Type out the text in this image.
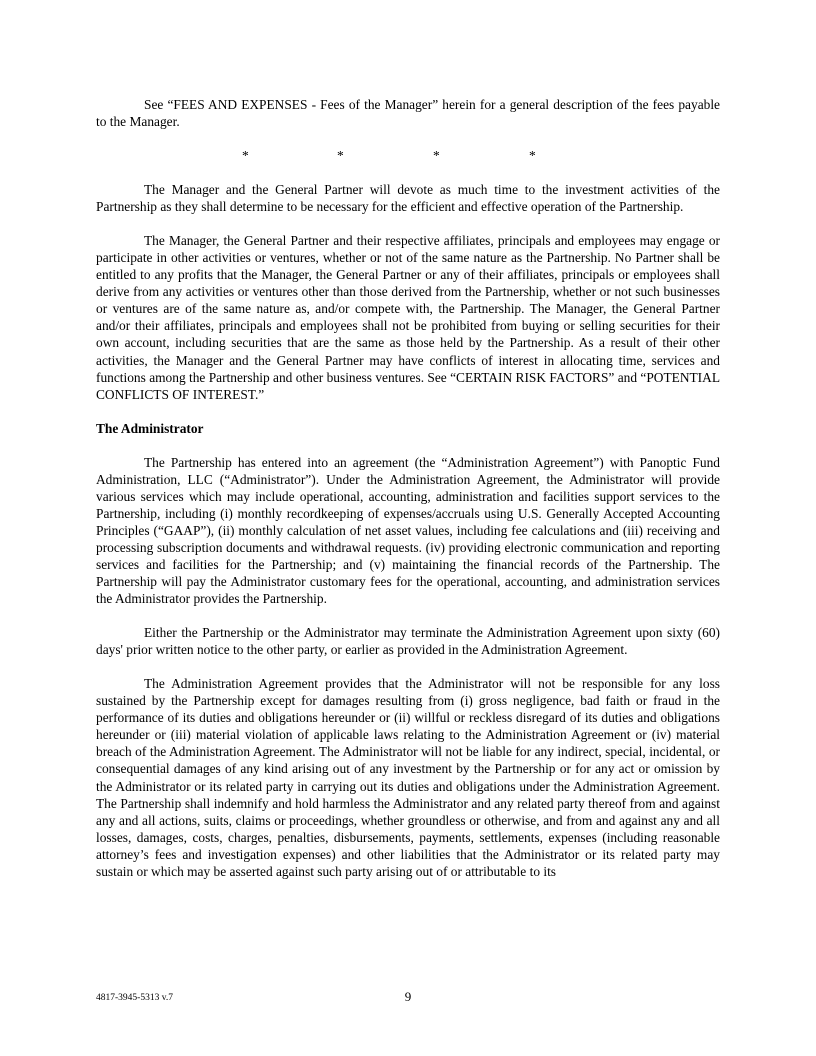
See “FEES AND EXPENSES - Fees of the Manager” herein for a general description of the fees payable to the Manager.

*	*	*	*

The Manager and the General Partner will devote as much time to the investment activities of the Partnership as they shall determine to be necessary for the efficient and effective operation of the Partnership.

The Manager, the General Partner and their respective affiliates, principals and employees may engage or participate in other activities or ventures, whether or not of the same nature as the Partnership. No Partner shall be entitled to any profits that the Manager, the General Partner or any of their affiliates, principals or employees shall derive from any activities or ventures other than those derived from the Partnership, whether or not such businesses or ventures are of the same nature as, and/or compete with, the Partnership. The Manager, the General Partner and/or their affiliates, principals and employees shall not be prohibited from buying or selling securities for their own account, including securities that are the same as those held by the Partnership. As a result of their other activities, the Manager and the General Partner may have conflicts of interest in allocating time, services and functions among the Partnership and other business ventures. See “CERTAIN RISK FACTORS” and “POTENTIAL CONFLICTS OF INTEREST.”

The Administrator

The Partnership has entered into an agreement (the “Administration Agreement”) with Panoptic Fund Administration, LLC (“Administrator”). Under the Administration Agreement, the Administrator will provide various services which may include operational, accounting, administration and facilities support services to the Partnership, including (i) monthly recordkeeping of expenses/accruals using U.S. Generally Accepted Accounting Principles (“GAAP”), (ii) monthly calculation of net asset values, including fee calculations and (iii) receiving and processing subscription documents and withdrawal requests. (iv) providing electronic communication and reporting services and facilities for the Partnership; and (v) maintaining the financial records of the Partnership. The Partnership will pay the Administrator customary fees for the operational, accounting, and administration services the Administrator provides the Partnership.

Either the Partnership or the Administrator may terminate the Administration Agreement upon sixty (60) days' prior written notice to the other party, or earlier as provided in the Administration Agreement.

The Administration Agreement provides that the Administrator will not be responsible for any loss sustained by the Partnership except for damages resulting from (i) gross negligence, bad faith or fraud in the performance of its duties and obligations hereunder or (ii) willful or reckless disregard of its duties and obligations hereunder or (iii) material violation of applicable laws relating to the Administration Agreement or (iv) material breach of the Administration Agreement. The Administrator will not be liable for any indirect, special, incidental, or consequential damages of any kind arising out of any investment by the Partnership or for any act or omission by the Administrator or its related party in carrying out its duties and obligations under the Administration Agreement. The Partnership shall indemnify and hold harmless the Administrator and any related party thereof from and against any and all actions, suits, claims or proceedings, whether groundless or otherwise, and from and against any and all losses, damages, costs, charges, penalties, disbursements, payments, settlements, expenses (including reasonable attorney’s fees and investigation expenses) and other liabilities that the Administrator or its related party may sustain or which may be asserted against such party arising out of or attributable to its

4817-3945-5313 v.7	9
